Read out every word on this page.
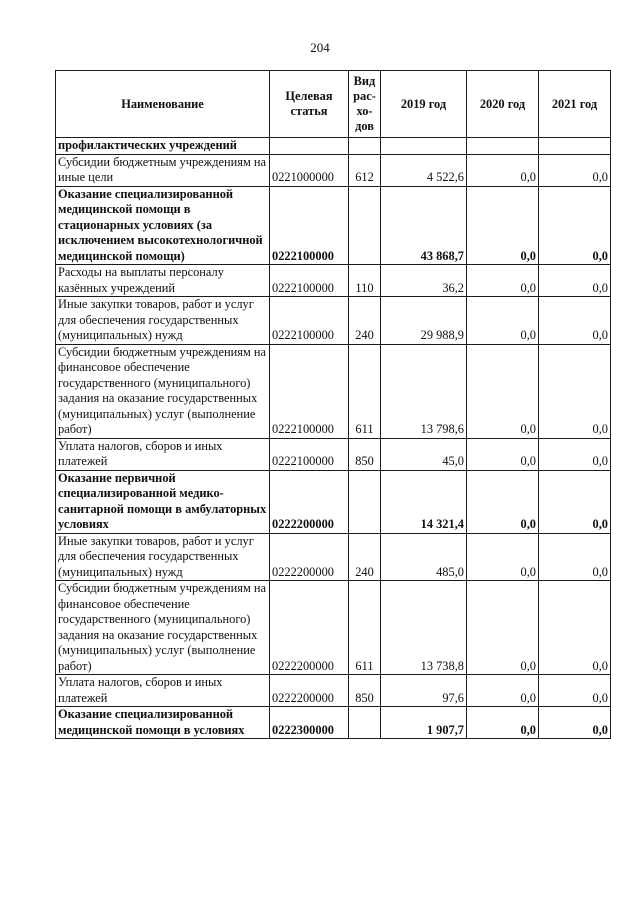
204
Наименование	Целевая статья	Вид рас-хо-дов	2019 год	2020 год	2021 год
профилактических учреждений					
Субсидии бюджетным учреждениям на иные цели	0221000000	612	4 522,6	0,0	0,0
Оказание специализированной медицинской помощи в стационарных условиях (за исключением высокотехнологичной медицинской помощи)	0222100000		43 868,7	0,0	0,0
Расходы на выплаты персоналу казённых учреждений	0222100000	110	36,2	0,0	0,0
Иные закупки товаров, работ и услуг для обеспечения государственных (муниципальных) нужд	0222100000	240	29 988,9	0,0	0,0
Субсидии бюджетным учреждениям на финансовое обеспечение государственного (муниципального) задания на оказание государственных (муниципальных) услуг (выполнение работ)	0222100000	611	13 798,6	0,0	0,0
Уплата налогов, сборов и иных платежей	0222100000	850	45,0	0,0	0,0
Оказание первичной специализированной медико-санитарной помощи в амбулаторных условиях	0222200000		14 321,4	0,0	0,0
Иные закупки товаров, работ и услуг для обеспечения государственных (муниципальных) нужд	0222200000	240	485,0	0,0	0,0
Субсидии бюджетным учреждениям на финансовое обеспечение государственного (муниципального) задания на оказание государственных (муниципальных) услуг (выполнение работ)	0222200000	611	13 738,8	0,0	0,0
Уплата налогов, сборов и иных платежей	0222200000	850	97,6	0,0	0,0
Оказание специализированной медицинской помощи в условиях	0222300000		1 907,7	0,0	0,0
